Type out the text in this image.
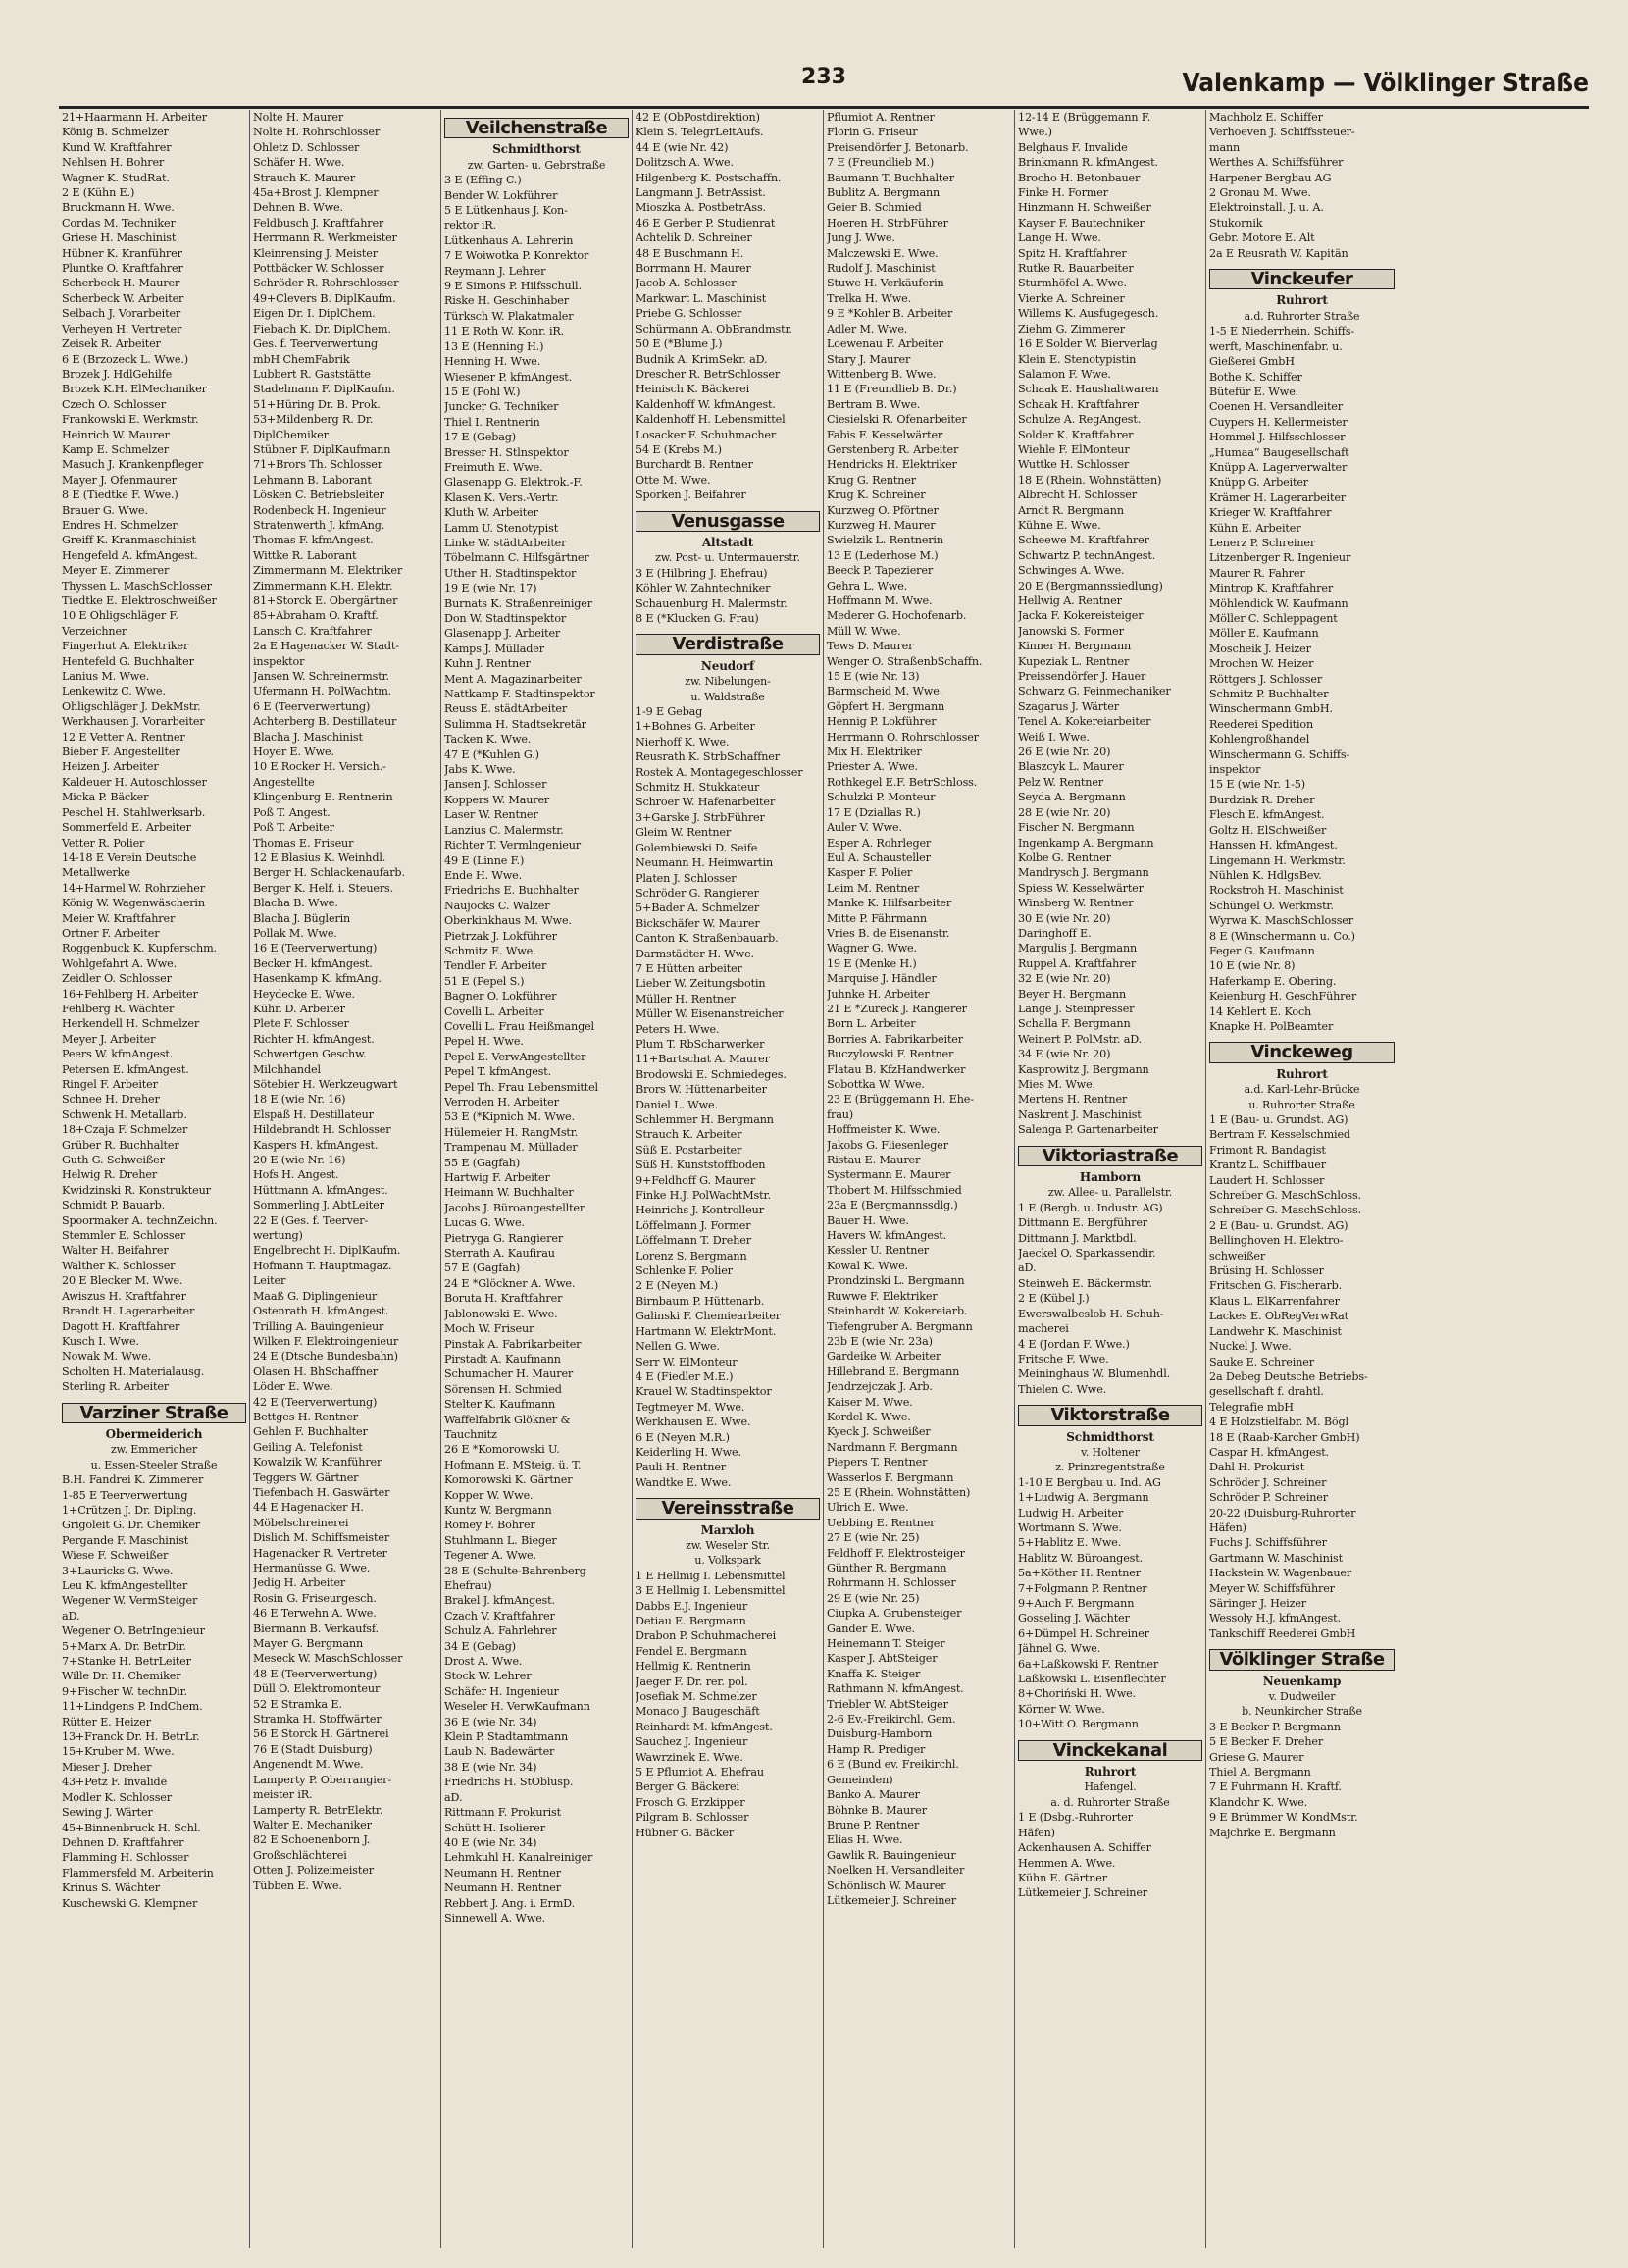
233	Valenkamp — Völklinger Straße
21+Haarmann H. Arbeiter
König B. Schmelzer
Kund W. Kraftfahrer
Nehlsen H. Bohrer
Wagner K. StudRat.
2 E (Kühn E.)
Bruckmann H. Wwe.
Cordas M. Techniker
Griese H. Maschinist
Hübner K. Kranführer
Pluntke O. Kraftfahrer
Scherbeck H. Maurer
Scherbeck W. Arbeiter
Selbach J. Vorarbeiter
Verheyen H. Vertreter
Zeisek R. Arbeiter
6 E (Brzozeck L. Wwe.)
Brozek J. HdlGehilfe
Brozek K.H. ElMechaniker
Czech O. Schlosser
Frankowski E. Werkmstr.
Heinrich W. Maurer
Kamp E. Schmelzer
Masuch J. Krankenpfleger
Mayer J. Ofenmaurer
8 E (Tiedtke F. Wwe.)
Brauer G. Wwe.
Endres H. Schmelzer
Greiff K. Kranmaschinist
Hengefeld A. kfmAngest.
Meyer E. Zimmerer
Thyssen L. MaschSchlosser
Tiedtke E. Elektroschweißer
10 E Ohligschläger F.
Verzeichner
Fingerhut A. Elektriker
Hentefeld G. Buchhalter
Lanius M. Wwe.
Lenkewitz C. Wwe.
Ohligschläger J. DekMstr.
Werkhausen J. Vorarbeiter
12 E Vetter A. Rentner
Bieber F. Angestellter
Heizen J. Arbeiter
Kaldeuer H. Autoschlosser
Micka P. Bäcker
Peschel H. Stahlwerksarb.
Sommerfeld E. Arbeiter
Vetter R. Polier
14-18 E Verein Deutsche
Metallwerke
14+Harmel W. Rohrzieher
König W. Wagenwäscherin
Meier W. Kraftfahrer
Ortner F. Arbeiter
Roggenbuck K. Kupferschm.
Wohlgefahrt A. Wwe.
Zeidler O. Schlosser
16+Fehlberg H. Arbeiter
Fehlberg R. Wächter
Herkendell H. Schmelzer
Meyer J. Arbeiter
Peers W. kfmAngest.
Petersen E. kfmAngest.
Ringel F. Arbeiter
Schnee H. Dreher
Schwenk H. Metallarb.
18+Czaja F. Schmelzer
Grüber R. Buchhalter
Guth G. Schweißer
Helwig R. Dreher
Kwidzinski R. Konstrukteur
Schmidt P. Bauarb.
Spoormaker A. technZeichn.
Stemmler E. Schlosser
Walter H. Beifahrer
Walther K. Schlosser
20 E Blecker M. Wwe.
Awiszus H. Kraftfahrer
Brandt H. Lagerarbeiter
Dagott H. Kraftfahrer
Kusch I. Wwe.
Nowak M. Wwe.
Scholten H. Materialausg.
Sterling R. Arbeiter
Varziner Straße
Obermeiderich
zw. Emmericher
u. Essen-Steeler Straße
B.H. Fandrei K. Zimmerer
1-85 E Teerverwertung
1+Crützen J. Dr. Dipling.
Grigoleit G. Dr. Chemiker
Pergande F. Maschinist
Wiese F. Schweißer
3+Lauricks G. Wwe.
Leu K. kfmAngestellter
Wegener W. VermSteiger
aD.
Wegener O. BetrIngenieur
5+Marx A. Dr. BetrDir.
7+Stanke H. BetrLeiter
Wille Dr. H. Chemiker
9+Fischer W. technDir.
11+Lindgens P. IndChem.
Rütter E. Heizer
13+Franck Dr. H. BetrLr.
15+Kruber M. Wwe.
Mieser J. Dreher
43+Petz F. Invalide
Modler K. Schlosser
Sewing J. Wärter
45+Binnenbruck H. Schl.
Dehnen D. Kraftfahrer
Flamming H. Schlosser
Flammersfeld M. Arbeiterin
Krinus S. Wächter
Kuschewski G. Klempner
Nolte H. Maurer
Nolte H. Rohrschlosser
Ohletz D. Schlosser
Schäfer H. Wwe.
Strauch K. Maurer
45a+Brost J. Klempner
Dehnen B. Wwe.
Feldbusch J. Kraftfahrer
Herrmann R. Werkmeister
Kleinrensing J. Meister
Pottbäcker W. Schlosser
Schröder R. Rohrschlosser
49+Clevers B. DiplKaufm.
Eigen Dr. I. DiplChem.
Fiebach K. Dr. DiplChem.
Ges. f. Teerverwertung
mbH ChemFabrik
Lubbert R. Gaststätte
Stadelmann F. DiplKaufm.
51+Hüring Dr. B. Prok.
53+Mildenberg R. Dr.
DiplChemiker
Stübner F. DiplKaufmann
71+Brors Th. Schlosser
Lehmann B. Laborant
Lösken C. Betriebsleiter
Rodenbeck H. Ingenieur
Stratenwerth J. kfmAng.
Thomas F. kfmAngest.
Wittke R. Laborant
Zimmermann M. Elektriker
Zimmermann K.H. Elektr.
81+Storck E. Obergärtner
85+Abraham O. Kraftf.
Lansch C. Kraftfahrer
2a E Hagenacker W. Stadt-
inspektor
Jansen W. Schreinermstr.
Ufermann H. PolWachtm.
6 E (Teerverwertung)
Achterberg B. Destillateur
Blacha J. Maschinist
Hoyer E. Wwe.
10 E Rocker H. Versich.-
Angestellte
Klingenburg E. Rentnerin
Poß T. Angest.
Poß T. Arbeiter
Thomas E. Friseur
12 E Blasius K. Weinhdl.
Berger H. Schlackenaufarb.
Berger K. Helf. i. Steuers.
Blacha B. Wwe.
Blacha J. Büglerin
Pollak M. Wwe.
16 E (Teerverwertung)
Becker H. kfmAngest.
Hasenkamp K. kfmAng.
Heydecke E. Wwe.
Kühn D. Arbeiter
Plete F. Schlosser
Richter H. kfmAngest.
Schwertgen Geschw.
Milchhandel
Sötebier H. Werkzeugwart
18 E (wie Nr. 16)
Elspaß H. Destillateur
Hildebrandt H. Schlosser
Kaspers H. kfmAngest.
20 E (wie Nr. 16)
Hofs H. Angest.
Hüttmann A. kfmAngest.
Sommerling J. AbtLeiter
22 E (Ges. f. Teerver-
wertung)
Engelbrecht H. DiplKaufm.
Hofmann T. Hauptmagaz.
Leiter
Maaß G. Diplingenieur
Ostenrath H. kfmAngest.
Trilling A. Bauingenieur
Wilken F. Elektroingenieur
24 E (Dtsche Bundesbahn)
Olasen H. BhSchaffner
Löder E. Wwe.
42 E (Teerverwertung)
Bettges H. Rentner
Gehlen F. Buchhalter
Geiling A. Telefonist
Kowalzik W. Kranführer
Teggers W. Gärtner
Tiefenbach H. Gaswärter
44 E Hagenacker H.
Möbelschreinerei
Dislich M. Schiffsmeister
Hagenacker R. Vertreter
Hermanüsse G. Wwe.
Jedig H. Arbeiter
Rosin G. Friseurgesch.
46 E Terwehn A. Wwe.
Biermann B. Verkaufsf.
Mayer G. Bergmann
Meseck W. MaschSchlosser
48 E (Teerverwertung)
Düll O. Elektromonteur
52 E Stramka E.
Stramka H. Stoffwärter
56 E Storck H. Gärtnerei
76 E (Stadt Duisburg)
Angenendt M. Wwe.
Lamperty P. Oberrangier-
meister iR.
Lamperty R. BetrElektr.
Walter E. Mechaniker
82 E Schoenenborn J.
Großschlächterei
Otten J. Polizeimeister
Tübben E. Wwe.
Veilchenstraße
Schmidthorst
zw. Garten- u. Gebrstraße
3 E (Effing C.)
Bender W. Lokführer
5 E Lütkenhaus J. Kon-
rektor iR.
Lütkenhaus A. Lehrerin
7 E Woiwotka P. Konrektor
Reymann J. Lehrer
9 E Simons P. Hilfsschull.
Riske H. Geschinhaber
Türksch W. Plakatmaler
11 E Roth W. Konr. iR.
13 E (Henning H.)
Henning H. Wwe.
Wiesener P. kfmAngest.
15 E (Pohl W.)
Juncker G. Techniker
Thiel I. Rentnerin
17 E (Gebag)
Bresser H. Stlnspektor
Freimuth E. Wwe.
Glasenapp G. Elektrok.-F.
Klasen K. Vers.-Vertr.
Kluth W. Arbeiter
Lamm U. Stenotypist
Linke W. städtArbeiter
Töbelmann C. Hilfsgärtner
Uther H. Stadtinspektor
19 E (wie Nr. 17)
Burnats K. Straßenreiniger
Don W. Stadtinspektor
Glasenapp J. Arbeiter
Kamps J. Müllader
Kuhn J. Rentner
Ment A. Magazinarbeiter
Nattkamp F. Stadtinspektor
Reuss E. städtArbeiter
Sulimma H. Stadtsekretär
Tacken K. Wwe.
47 E (*Kuhlen G.)
Jabs K. Wwe.
Jansen J. Schlosser
Koppers W. Maurer
Laser W. Rentner
Lanzius C. Malermstr.
Richter T. Vermlngenieur
49 E (Linne F.)
Ende H. Wwe.
Friedrichs E. Buchhalter
Naujocks C. Walzer
Oberkinkhaus M. Wwe.
Pietrzak J. Lokführer
Schmitz E. Wwe.
Tendler F. Arbeiter
51 E (Pepel S.)
Bagner O. Lokführer
Covelli L. Arbeiter
Covelli L. Frau Heißmangel
Pepel H. Wwe.
Pepel E. VerwAngestellter
Pepel T. kfmAngest.
Pepel Th. Frau Lebensmittel
Verroden H. Arbeiter
53 E (*Kipnich M. Wwe.
Hülemeier H. RangMstr.
Trampenau M. Müllader
55 E (Gagfah)
Hartwig F. Arbeiter
Heimann W. Buchhalter
Jacobs J. Büroangestellter
Lucas G. Wwe.
Pietryga G. Rangierer
Sterrath A. Kaufirau
57 E (Gagfah)
24 E *Glöckner A. Wwe.
Boruta H. Kraftfahrer
Jablonowski E. Wwe.
Moch W. Friseur
Pinstak A. Fabrikarbeiter
Pirstadt A. Kaufmann
Schumacher H. Maurer
Sörensen H. Schmied
Stelter K. Kaufmann
Waffelfabrik Glökner &
Tauchnitz
26 E *Komorowski U.
Hofmann E. MSteig. ü. T.
Komorowski K. Gärtner
Kopper W. Wwe.
Kuntz W. Bergmann
Romey F. Bohrer
Stuhlmann L. Bieger
Tegener A. Wwe.
28 E (Schulte-Bahrenberg
Ehefrau)
Brakel J. kfmAngest.
Czach V. Kraftfahrer
Schulz A. Fahrlehrer
34 E (Gebag)
Drost A. Wwe.
Stock W. Lehrer
Schäfer H. Ingenieur
Weseler H. VerwKaufmann
36 E (wie Nr. 34)
Klein P. Stadtamtmann
Laub N. Badewärter
38 E (wie Nr. 34)
Friedrichs H. StOblusp.
aD.
Rittmann F. Prokurist
Schütt H. Isolierer
40 E (wie Nr. 34)
Lehmkuhl H. Kanalreiniger
Neumann H. Rentner
Neumann H. Rentner
Rebbert J. Ang. i. ErmD.
Sinnewell A. Wwe.
42 E (ObPostdirektion)
Klein S. TelegrLeitAufs.
44 E (wie Nr. 42)
Dolitzsch A. Wwe.
Hilgenberg K. Postschaffn.
Langmann J. BetrAssist.
Mioszka A. PostbetrAss.
46 E Gerber P. Studienrat
Achtelik D. Schreiner
48 E Buschmann H.
Borrmann H. Maurer
Jacob A. Schlosser
Markwart L. Maschinist
Priebe G. Schlosser
Schürmann A. ObBrandmstr.
50 E (*Blume J.)
Budnik A. KrimSekr. aD.
Drescher R. BetrSchlosser
Heinisch K. Bäckerei
Kaldenhoff W. kfmAngest.
Kaldenhoff H. Lebensmittel
Losacker F. Schuhmacher
54 E (Krebs M.)
Burchardt B. Rentner
Otte M. Wwe.
Sporken J. Beifahrer
Venusgasse
Altstadt
zw. Post- u. Untermauerstr.
3 E (Hilbring J. Ehefrau)
Köhler W. Zahntechniker
Schauenburg H. Malermstr.
8 E (*Klucken G. Frau)
Verdistraße
Neudorf
zw. Nibelungen-
u. Waldstraße
1-9 E Gebag
1+Bohnes G. Arbeiter
Nierhoff K. Wwe.
Reusrath K. StrbSchaffner
Rostek A. Montagegeschlosser
Schmitz H. Stukkateur
Schroer W. Hafenarbeiter
3+Garske J. StrbFührer
Gleim W. Rentner
Golembiewski D. Seife
Neumann H. Heimwartin
Platen J. Schlosser
Schröder G. Rangierer
5+Bader A. Schmelzer
Bickschäfer W. Maurer
Canton K. Straßenbauarb.
Darmstädter H. Wwe.
7 E Hütten arbeiter
Lieber W. Zeitungsbotin
Müller H. Rentner
Müller W. Eisenanstreicher
Peters H. Wwe.
Plum T. RbScharwerker
11+Bartschat A. Maurer
Brodowski E. Schmiedeges.
Brors W. Hüttenarbeiter
Daniel L. Wwe.
Schlemmer H. Bergmann
Strauch K. Arbeiter
Süß E. Postarbeiter
Süß H. Kunststoffboden
9+Feldhoff G. Maurer
Finke H.J. PolWachtMstr.
Heinrichs J. Kontrolleur
Löffelmann J. Former
Löffelmann T. Dreher
Lorenz S. Bergmann
Schlenke F. Polier
2 E (Neyen M.)
Birnbaum P. Hüttenarb.
Galinski F. Chemiearbeiter
Hartmann W. ElektrMont.
Nellen G. Wwe.
Serr W. ElMonteur
4 E (Fiedler M.E.)
Krauel W. Stadtinspektor
Tegtmeyer M. Wwe.
Werkhausen E. Wwe.
6 E (Neyen M.R.)
Keiderling H. Wwe.
Pauli H. Rentner
Wandtke E. Wwe.
Vereinsstraße
Marxloh
zw. Weseler Str.
u. Volkspark
1 E Hellmig I. Lebensmittel
3 E Hellmig I. Lebensmittel
Dabbs E.J. Ingenieur
Detiau E. Bergmann
Drabon P. Schuhmacherei
Fendel E. Bergmann
Hellmig K. Rentnerin
Jaeger F. Dr. rer. pol.
Josefiak M. Schmelzer
Monaco J. Baugeschäft
Reinhardt M. kfmAngest.
Sauchez J. Ingenieur
Wawrzinek E. Wwe.
5 E Pflumiot A. Ehefrau
Berger G. Bäckerei
Frosch G. Erzkipper
Pilgram B. Schlosser
Hübner G. Bäcker
Pflumiot A. Rentner
Florin G. Friseur
Preisendörfer J. Betonarb.
7 E (Freundlieb M.)
Baumann T. Buchhalter
Bublitz A. Bergmann
Geier B. Schmied
Hoeren H. StrbFührer
Jung J. Wwe.
Malczewski E. Wwe.
Rudolf J. Maschinist
Stuwe H. Verkäuferin
Trelka H. Wwe.
9 E *Kohler B. Arbeiter
Adler M. Wwe.
Loewenau F. Arbeiter
Stary J. Maurer
Wittenberg B. Wwe.
11 E (Freundlieb B. Dr.)
Bertram B. Wwe.
Ciesielski R. Ofenarbeiter
Fabis F. Kesselwärter
Gerstenberg R. Arbeiter
Hendricks H. Elektriker
Krug G. Rentner
Krug K. Schreiner
Kurzweg O. Pförtner
Kurzweg H. Maurer
Swielzik L. Rentnerin
13 E (Lederhose M.)
Beeck P. Tapezierer
Gehra L. Wwe.
Hoffmann M. Wwe.
Mederer G. Hochofenarb.
Müll W. Wwe.
Tews D. Maurer
Wenger O. StraßenbSchaffn.
15 E (wie Nr. 13)
Barmscheid M. Wwe.
Göpfert H. Bergmann
Hennig P. Lokführer
Herrmann O. Rohrschlosser
Mix H. Elektriker
Priester A. Wwe.
Rothkegel E.F. BetrSchloss.
Schulzki P. Monteur
17 E (Dziallas R.)
Auler V. Wwe.
Esper A. Rohrleger
Eul A. Schausteller
Kasper F. Polier
Leim M. Rentner
Manke K. Hilfsarbeiter
Mitte P. Fährmann
Vries B. de Eisenanstr.
Wagner G. Wwe.
19 E (Menke H.)
Marquise J. Händler
Juhnke H. Arbeiter
21 E *Zureck J. Rangierer
Born L. Arbeiter
Borries A. Fabrikarbeiter
Buczylowski F. Rentner
Flatau B. KfzHandwerker
Sobottka W. Wwe.
23 E (Brüggemann H. Ehe-
frau)
Hoffmeister K. Wwe.
Jakobs G. Fliesenleger
Ristau E. Maurer
Systermann E. Maurer
Thobert M. Hilfsschmied
23a E (Bergmannssdlg.)
Bauer H. Wwe.
Havers W. kfmAngest.
Kessler U. Rentner
Kowal K. Wwe.
Prondzinski L. Bergmann
Ruwwe F. Elektriker
Steinhardt W. Kokereiarb.
Tiefengruber A. Bergmann
23b E (wie Nr. 23a)
Gardeike W. Arbeiter
Hillebrand E. Bergmann
Jendrzejczak J. Arb.
Kaiser M. Wwe.
Kordel K. Wwe.
Kyeck J. Schweißer
Nardmann F. Bergmann
Piepers T. Rentner
Wasserlos F. Bergmann
25 E (Rhein. Wohnstätten)
Ulrich E. Wwe.
Uebbing E. Rentner
27 E (wie Nr. 25)
Feldhoff F. Elektrosteiger
Günther R. Bergmann
Rohrmann H. Schlosser
29 E (wie Nr. 25)
Ciupka A. Grubensteiger
Gander E. Wwe.
Heinemann T. Steiger
Kasper J. AbtSteiger
Knaffa K. Steiger
Rathmann N. kfmAngest.
Triebler W. AbtSteiger
2-6 Ev.-Freikirchl. Gem.
Duisburg-Hamborn
Hamp R. Prediger
6 E (Bund ev. Freikirchl.
Gemeinden)
Banko A. Maurer
Böhnke B. Maurer
Brune P. Rentner
Elias H. Wwe.
Gawlik R. Bauingenieur
Noelken H. Versandleiter
Schönlisch W. Maurer
Lütkemeier J. Schreiner
12-14 E (Brüggemann F.
Wwe.)
Belghaus F. Invalide
Brinkmann R. kfmAngest.
Brocho H. Betonbauer
Finke H. Former
Hinzmann H. Schweißer
Kayser F. Bautechniker
Lange H. Wwe.
Spitz H. Kraftfahrer
Rutke R. Bauarbeiter
Sturmhöfel A. Wwe.
Vierke A. Schreiner
Willems K. Ausfugegesch.
Ziehm G. Zimmerer
16 E Solder W. Bierverlag
Klein E. Stenotypistin
Salamon F. Wwe.
Schaak E. Haushaltwaren
Schaak H. Kraftfahrer
Schulze A. RegAngest.
Solder K. Kraftfahrer
Wiehle F. ElMonteur
Wuttke H. Schlosser
18 E (Rhein. Wohnstätten)
Albrecht H. Schlosser
Arndt R. Bergmann
Kühne E. Wwe.
Scheewe M. Kraftfahrer
Schwartz P. technAngest.
Schwinges A. Wwe.
20 E (Bergmannssiedlung)
Hellwig A. Rentner
Jacka F. Kokereisteiger
Janowski S. Former
Kinner H. Bergmann
Kupeziak L. Rentner
Preissendörfer J. Hauer
Schwarz G. Feinmechaniker
Szagarus J. Wärter
Tenel A. Kokereiarbeiter
Weiß I. Wwe.
26 E (wie Nr. 20)
Blaszcyk L. Maurer
Pelz W. Rentner
Seyda A. Bergmann
28 E (wie Nr. 20)
Fischer N. Bergmann
Ingenkamp A. Bergmann
Kolbe G. Rentner
Mandrysch J. Bergmann
Spiess W. Kesselwärter
Winsberg W. Rentner
30 E (wie Nr. 20)
Daringhoff E.
Margulis J. Bergmann
Ruppel A. Kraftfahrer
32 E (wie Nr. 20)
Beyer H. Bergmann
Lange J. Steinpresser
Schalla F. Bergmann
Weinert P. PolMstr. aD.
34 E (wie Nr. 20)
Kasprowitz J. Bergmann
Mies M. Wwe.
Mertens H. Rentner
Naskrent J. Maschinist
Salenga P. Gartenarbeiter
Viktoriastraße
Hamborn
zw. Allee- u. Parallelstr.
1 E (Bergb. u. Industr. AG)
Dittmann E. Bergführer
Dittmann J. Marktbdl.
Jaeckel O. Sparkassendir.
aD.
Steinweh E. Bäckermstr.
2 E (Kübel J.)
Ewerswalbeslob H. Schuh-
macherei
4 E (Jordan F. Wwe.)
Fritsche F. Wwe.
Meininghaus W. Blumenhdl.
Thielen C. Wwe.
Viktorstraße
Schmidthorst
v. Holtener
z. Prinzregentstraße
1-10 E Bergbau u. Ind. AG
1+Ludwig A. Bergmann
Ludwig H. Arbeiter
Wortmann S. Wwe.
5+Hablitz E. Wwe.
Hablitz W. Büroangest.
5a+Köther H. Rentner
7+Folgmann P. Rentner
9+Auch F. Bergmann
Gosseling J. Wächter
6+Dümpel H. Schreiner
Jähnel G. Wwe.
6a+Laßkowski F. Rentner
Laßkowski L. Eisenflechter
8+Choriński H. Wwe.
Körner W. Wwe.
10+Witt O. Bergmann
Vinckekanal
Ruhrort
Hafengel.
a. d. Ruhrorter Straße
1 E (Dsbg.-Ruhrorter
Häfen)
Ackenhausen A. Schiffer
Hemmen A. Wwe.
Kühn E. Gärtner
Lütkemeier J. Schreiner
Machholz E. Schiffer
Verhoeven J. Schiffssteuer-
mann
Werthes A. Schiffsführer
Harpener Bergbau AG
2 Gronau M. Wwe.
Elektroinstall. J. u. A.
Stukornik
Gebr. Motore E. Alt
2a E Reusrath W. Kapitän
Vinckeufer
Ruhrort
a.d. Ruhrorter Straße
1-5 E Niederrhein. Schiffs-
werft, Maschinenfabr. u.
Gießerei GmbH
Bothe K. Schiffer
Bütefür E. Wwe.
Coenen H. Versandleiter
Cuypers H. Kellermeister
Hommel J. Hilfsschlosser
„Humaa“ Baugesellschaft
Knüpp A. Lagerverwalter
Knüpp G. Arbeiter
Krämer H. Lagerarbeiter
Krieger W. Kraftfahrer
Kühn E. Arbeiter
Lenerz P. Schreiner
Litzenberger R. Ingenieur
Maurer R. Fahrer
Mintrop K. Kraftfahrer
Möhlendick W. Kaufmann
Möller C. Schleppagent
Möller E. Kaufmann
Moscheik J. Heizer
Mrochen W. Heizer
Röttgers J. Schlosser
Schmitz P. Buchhalter
Winschermann GmbH.
Reederei Spedition
Kohlengroßhandel
Winschermann G. Schiffs-
inspektor
15 E (wie Nr. 1-5)
Burdziak R. Dreher
Flesch E. kfmAngest.
Goltz H. ElSchweißer
Hanssen H. kfmAngest.
Lingemann H. Werkmstr.
Nühlen K. HdlgsBev.
Rockstroh H. Maschinist
Schüngel O. Werkmstr.
Wyrwa K. MaschSchlosser
8 E (Winschermann u. Co.)
Feger G. Kaufmann
10 E (wie Nr. 8)
Haferkamp E. Obering.
Keienburg H. GeschFührer
14 Kehlert E. Koch
Knapke H. PolBeamter
Vinckeweg
Ruhrort
a.d. Karl-Lehr-Brücke
u. Ruhrorter Straße
1 E (Bau- u. Grundst. AG)
Bertram F. Kesselschmied
Frimont R. Bandagist
Krantz L. Schiffbauer
Laudert H. Schlosser
Schreiber G. MaschSchloss.
Schreiber G. MaschSchloss.
2 E (Bau- u. Grundst. AG)
Bellinghoven H. Elektro-
schweißer
Brüsing H. Schlosser
Fritschen G. Fischerarb.
Klaus L. ElKarrenfahrer
Lackes E. ObRegVerwRat
Landwehr K. Maschinist
Nuckel J. Wwe.
Sauke E. Schreiner
2a Debeg Deutsche Betriebs-
gesellschaft f. drahtl.
Telegrafie mbH
4 E Holzstielfabr. M. Bögl
18 E (Raab-Karcher GmbH)
Caspar H. kfmAngest.
Dahl H. Prokurist
Schröder J. Schreiner
Schröder P. Schreiner
20-22 (Duisburg-Ruhrorter
Häfen)
Fuchs J. Schiffsführer
Gartmann W. Maschinist
Hackstein W. Wagenbauer
Meyer W. Schiffsführer
Säringer J. Heizer
Wessoly H.J. kfmAngest.
Tankschiff Reederei GmbH
Völklinger Straße
Neuenkamp
v. Dudweiler
b. Neunkircher Straße
3 E Becker P. Bergmann
5 E Becker F. Dreher
Griese G. Maurer
Thiel A. Bergmann
7 E Fuhrmann H. Kraftf.
Klandohr K. Wwe.
9 E Brümmer W. KondMstr.
Majchrke E. Bergmann
